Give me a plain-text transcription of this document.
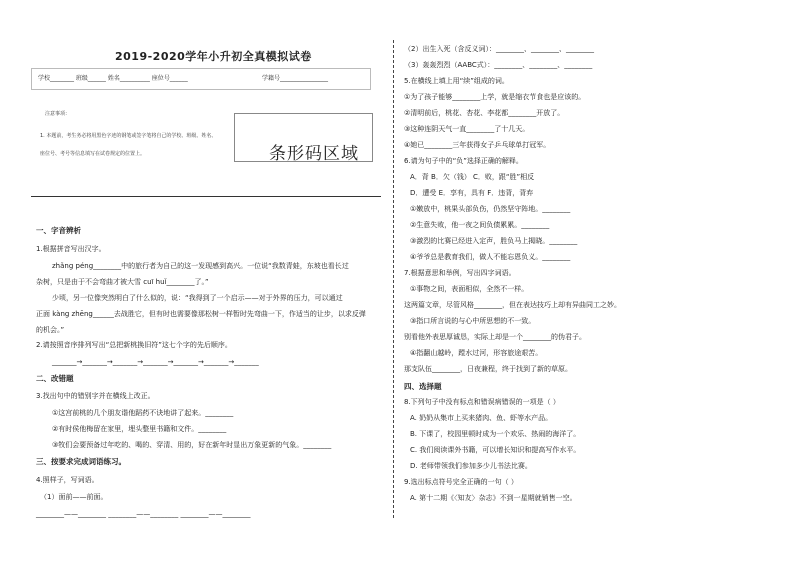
2019-2020学年小升初全真模拟试卷
学校________ 班级______ 姓名__________ 座位号______	学籍号________________
注意事项：
1. 本题前，考生务必将用黑色字迹的钢笔或签字笔将自己的学校、班级、姓名、
座位号、考号等信息填写在试卷规定的位置上。	条形码区域
一、字音辨析
1.根据拼音写出汉字。
zhǎng péng________中的旅行者为自己的这一发现感到高兴。一位说“我数青蛙，东坡也看长过
杂树，只是由于不会弯曲才被大雪 cuī huǐ________了。”
少顷，另一位像突然明白了什么似的，说：“我得到了一个启示——对于外界的压力，可以通过
正面 kàng zhēng______去战胜它，但有时也需要像那松树一样暂时先弯曲一下，作适当的让步，以求反弹
的机会。”
2.请按照音序排列写出“总把新桃换旧符”这七个字的先后顺序。
_______→_______→_______→_______→_______→_______→_______
二、改错题
3.找出句中的错别字并在横线上改正。
①这宫前桃的几个朋友谐他蹈药不诀地讲了起来。________
②有时侯他梅留在家里，埋头整里书籍和文件。________
③牧们会要预备过年吃的、喝的、穿清、用的，好在新年时显出万象更新的气象。________
三、按要求完成词语练习。
4.照样子，写词语。
（1）面前——前面。
________——________ ________——________ ________——________
（2）出生入死（含反义词）：________、________、________
（3）轰轰烈烈（AABC式）：________、________、________
5.在横线上填上用“续”组成的词。
①为了孩子能够________上学，就是缩衣节食也是应该的。
②清明前后，桃花、杏花、李花都________开放了。
③这种连阴天气一直________了十几天。
④她已________三年获得女子乒乓球单打冠军。
6.请为句子中的“负”选择正确的解释。
A．背 B．欠（钱） C．败，跟“胜”相反
D．遭受 E．享有，具有 F．违背，背弃
①嫩放中，桃果头部负伤，仍然坚守阵地。________
②生意失败，他一夜之间负债累累。________
③激烈的比赛已经进入定声，胜负马上揭晓。________
④爷爷总是教育我们，做人不能忘恩负义。________
7.根据意思和举例，写出四字词语。
①事物之间，表面相似，全然不一样。
这两篇文章，尽管风格________，但在表达技巧上却有异曲同工之妙。
③指口所言说的与心中所思想的不一致。
别看他外表思厚诚恳，实际上却是一个________的伪君子。
④指翻山越岭，蹚水过河，形容旅途艰苦。
那支队伍________，日夜兼程，终于找到了新的草原。
四、选择题
8.下列句子中没有标点和错误病错误的一项是（ ）
A. 奶奶从集市上买来猪肉、鱼、虾等水产品。
B. 下课了，校园里顿时成为一个欢乐、热闹的海洋了。
C. 我们阅读课外书籍，可以增长知识和提高写作水平。
D. 老师带领我们参加多少儿书法比赛。
9.选出标点符号完全正确的一句（ ）
A. 第十二期《〈知友〉杂志》不到一星期就销售一空。
